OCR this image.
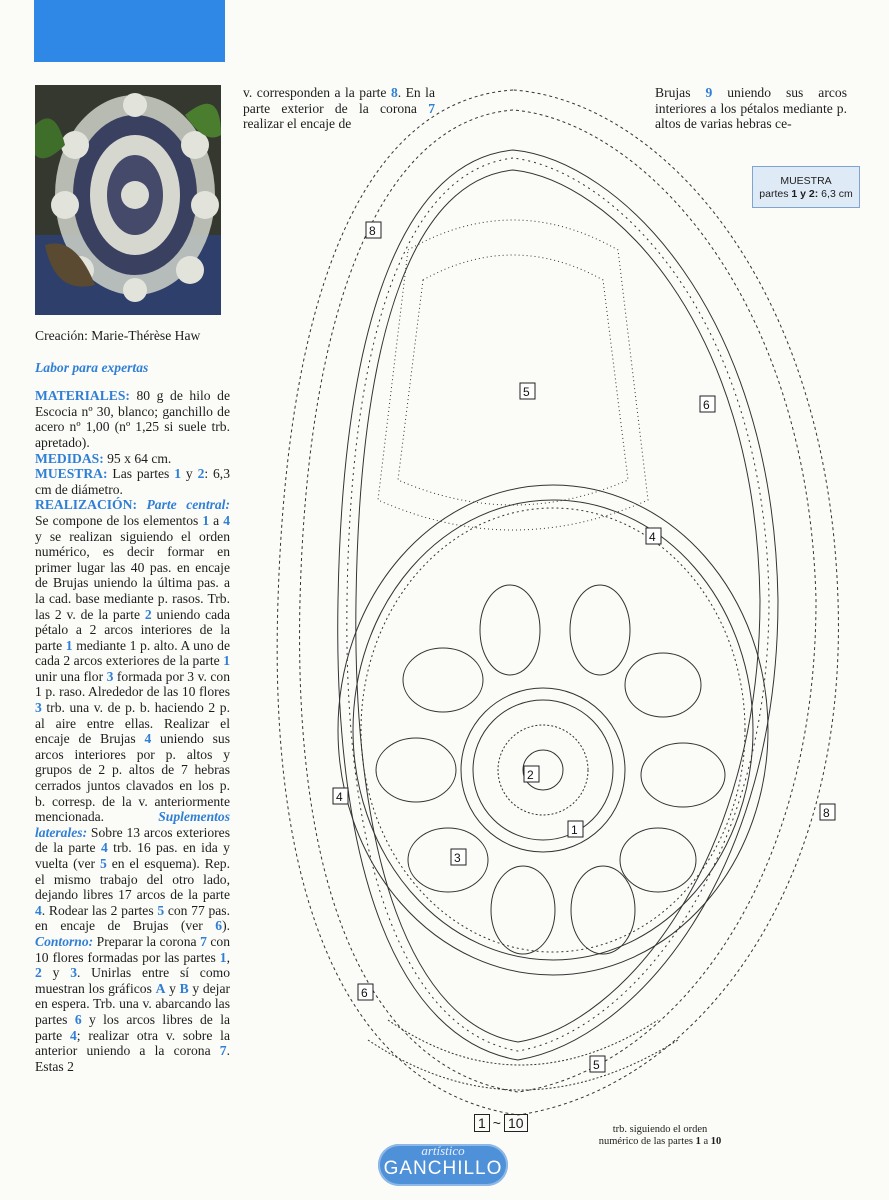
Creación: Marie-Thérèse Haw

Labor para expertas

MATERIALES: 80 g de hilo de Escocia nº 30, blanco; ganchillo de acero nº 1,00 (nº 1,25 si suele trb. apretado).

MEDIDAS: 95 x 64 cm.

MUESTRA: Las partes 1 y 2: 6,3 cm de diámetro.

REALIZACIÓN: Parte central: Se compone de los elementos 1 a 4 y se realizan siguiendo el orden numérico, es decir formar en primer lugar las 40 pas. en encaje de Brujas uniendo la última pas. a la cad. base mediante p. rasos. Trb. las 2 v. de la parte 2 uniendo cada pétalo a 2 arcos interiores de la parte 1 mediante 1 p. alto. A uno de cada 2 arcos exteriores de la parte 1 unir una flor 3 formada por 3 v. con 1 p. raso. Alrededor de las 10 flores 3 trb. una v. de p. b. haciendo 2 p. al aire entre ellas. Realizar el encaje de Brujas 4 uniendo sus arcos interiores por p. altos y grupos de 2 p. altos de 7 hebras cerrados juntos clavados en los p. b. corresp. de la v. anteriormente mencionada. Suplementos laterales: Sobre 13 arcos exteriores de la parte 4 trb. 16 pas. en ida y vuelta (ver 5 en el esquema). Rep. el mismo trabajo del otro lado, dejando libres 17 arcos de la parte 4. Rodear las 2 partes 5 con 77 pas. en encaje de Brujas (ver 6). Contorno: Preparar la corona 7 con 10 flores formadas por las partes 1, 2 y 3. Unirlas entre sí como muestran los gráficos A y B y dejar en espera. Trb. una v. abarcando las partes 6 y los arcos libres de la parte 4; realizar otra v. sobre la anterior uniendo a la corona 7. Estas 2

v. corresponden a la parte 8. En la parte exterior de la corona 7 realizar el encaje de
Brujas 9 uniendo sus arcos interiores a los pétalos mediante p. altos de varias hebras ce-
8
5
6
4
2
1
4
3
8
6
5
MUESTRA
partes 1 y 2: 6,3 cm
1 ~ 10	trb. siguiendo el orden
numérico de las partes 1 a 10
artístico
GANCHILLO
